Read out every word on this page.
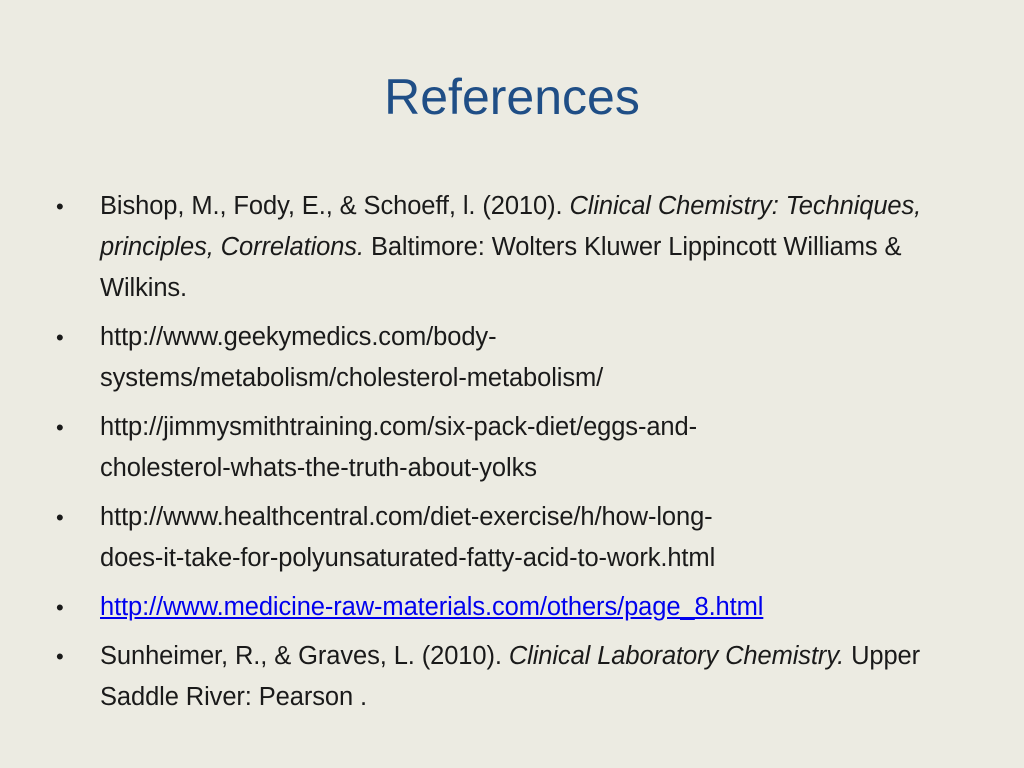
References
•	Bishop, M., Fody, E., & Schoeff, l. (2010). Clinical Chemistry: Techniques, principles, Correlations. Baltimore: Wolters Kluwer Lippincott Williams & Wilkins.
•	http://www.geekymedics.com/body-
systems/metabolism/cholesterol-metabolism/
•	http://jimmysmithtraining.com/six-pack-diet/eggs-and-
cholesterol-whats-the-truth-about-yolks
•	http://www.healthcentral.com/diet-exercise/h/how-long-
does-it-take-for-polyunsaturated-fatty-acid-to-work.html
•	http://www.medicine-raw-materials.com/others/page_8.html
•	Sunheimer, R., & Graves, L. (2010). Clinical Laboratory Chemistry. Upper Saddle River: Pearson .
